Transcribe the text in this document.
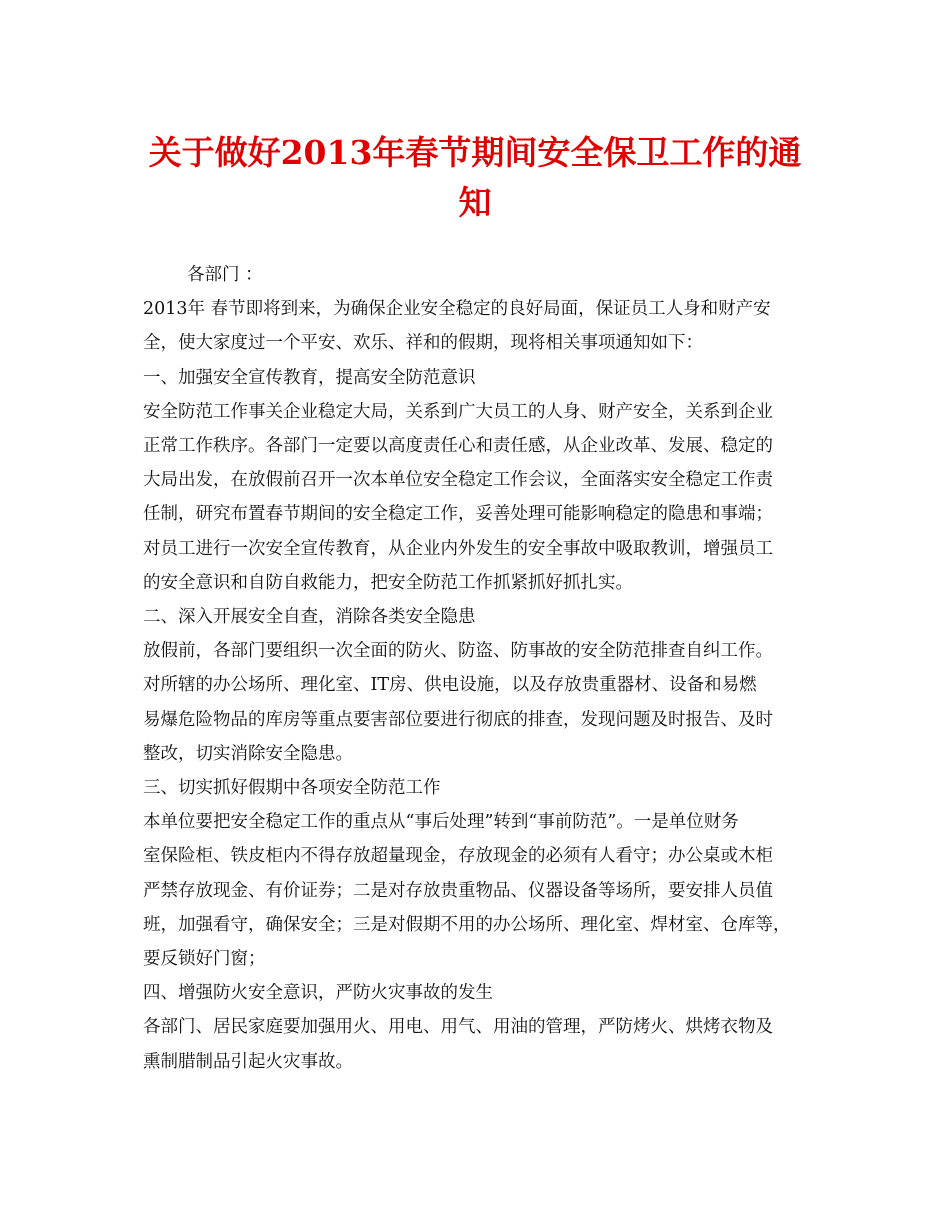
关于做好2013年春节期间安全保卫工作的通
知
各部门 ：
2013年 春节即将到来，为确保企业安全稳定的良好局面，保证员工人身和财产安
全，使大家度过一个平安、欢乐、祥和的假期，现将相关事项通知如下：
一、加强安全宣传教育，提高安全防范意识
安全防范工作事关企业稳定大局，关系到广大员工的人身、财产安全，关系到企业
正常工作秩序。各部门一定要以高度责任心和责任感，从企业改革、发展、稳定的
大局出发，在放假前召开一次本单位安全稳定工作会议，全面落实安全稳定工作责
任制，研究布置春节期间的安全稳定工作，妥善处理可能影响稳定的隐患和事端；
对员工进行一次安全宣传教育，从企业内外发生的安全事故中吸取教训，增强员工
的安全意识和自防自救能力，把安全防范工作抓紧抓好抓扎实。
二、深入开展安全自查，消除各类安全隐患
放假前，各部门要组织一次全面的防火、防盗、防事故的安全防范排查自纠工作。
对所辖的办公场所、理化室、IT房、供电设施，以及存放贵重器材、设备和易燃
易爆危险物品的库房等重点要害部位要进行彻底的排查，发现问题及时报告、及时
整改，切实消除安全隐患。
三、切实抓好假期中各项安全防范工作
本单位要把安全稳定工作的重点从“事后处理”转到“事前防范”。一是单位财务
室保险柜、铁皮柜内不得存放超量现金，存放现金的必须有人看守；办公桌或木柜
严禁存放现金、有价证券；二是对存放贵重物品、仪器设备等场所，要安排人员值
班，加强看守，确保安全；三是对假期不用的办公场所、理化室、焊材室、仓库等，
要反锁好门窗；
四、增强防火安全意识，严防火灾事故的发生
各部门、居民家庭要加强用火、用电、用气、用油的管理，严防烤火、烘烤衣物及
熏制腊制品引起火灾事故。
